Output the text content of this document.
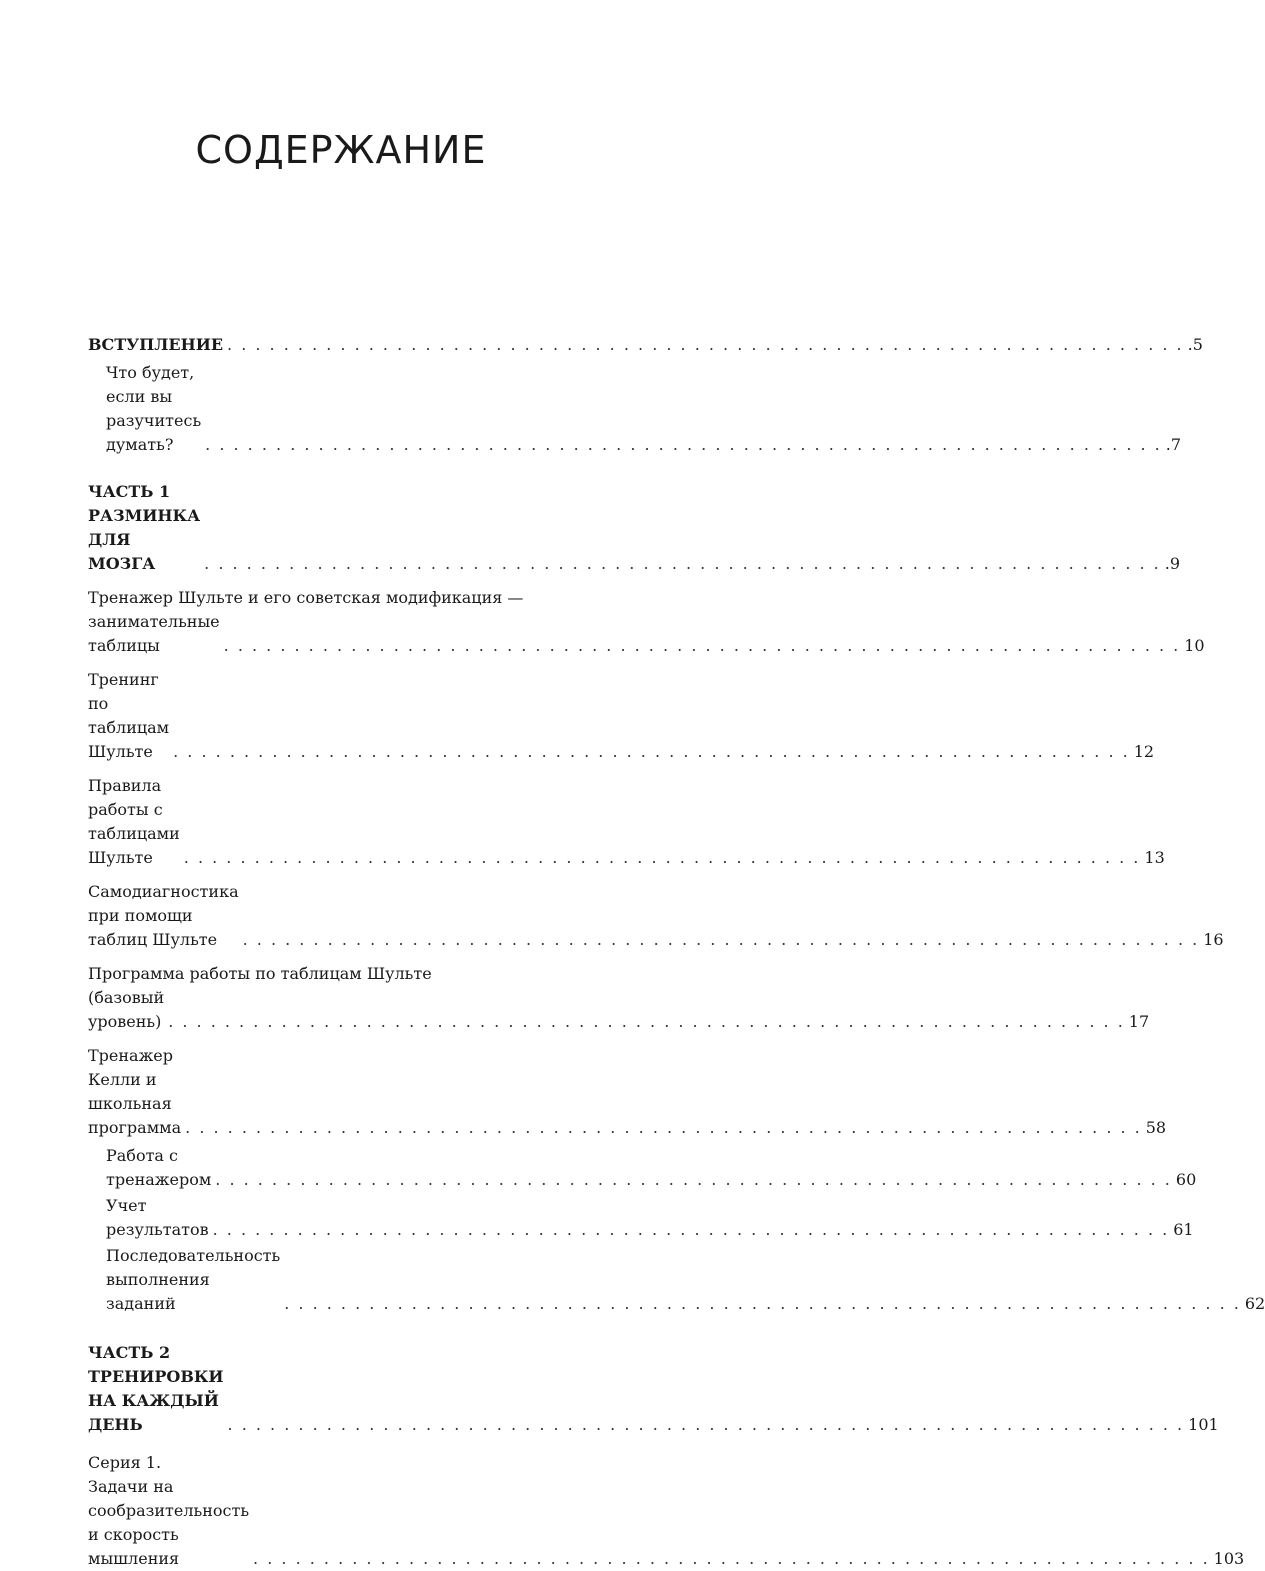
СОДЕРЖАНИЕ
ВСТУПЛЕНИЕ . . . . . . . . . . . . . . . . . . . . . . . . . . . . . . . . . . . . . . . . . . . . . . . . . . . . . . . . . . . . . . . . . . . . .5
Что будет, если вы разучитесь думать?	. . . . . . . . . . . . . . . . . . . . . . . . . . . . . . . . . . . . . . . . . . . . . . . . . . . . . . . . . . . . . . . . . . . . .7
ЧАСТЬ 1
РАЗМИНКА ДЛЯ МОЗГА	. . . . . . . . . . . . . . . . . . . . . . . . . . . . . . . . . . . . . . . . . . . . . . . . . . . . . . . . . . . . . . . . . . . . .9
Тренажер Шульте и его советская модификация —
занимательные таблицы	. . . . . . . . . . . . . . . . . . . . . . . . . . . . . . . . . . . . . . . . . . . . . . . . . . . . . . . . . . . . . . . . . . . . 10
Тренинг по таблицам Шульте	. . . . . . . . . . . . . . . . . . . . . . . . . . . . . . . . . . . . . . . . . . . . . . . . . . . . . . . . . . . . . . . . . . . . 12
Правила работы с таблицами Шульте	. . . . . . . . . . . . . . . . . . . . . . . . . . . . . . . . . . . . . . . . . . . . . . . . . . . . . . . . . . . . . . . . . . . . 13
Самодиагностика при помощи таблиц Шульте	. . . . . . . . . . . . . . . . . . . . . . . . . . . . . . . . . . . . . . . . . . . . . . . . . . . . . . . . . . . . . . . . . . . . 16
Программа работы по таблицам Шульте
(базовый уровень) . . . . . . . . . . . . . . . . . . . . . . . . . . . . . . . . . . . . . . . . . . . . . . . . . . . . . . . . . . . . . . . . . . . . 17
Тренажер Келли и школьная программа . . . . . . . . . . . . . . . . . . . . . . . . . . . . . . . . . . . . . . . . . . . . . . . . . . . . . . . . . . . . . . . . . . . . 58
Работа с тренажером . . . . . . . . . . . . . . . . . . . . . . . . . . . . . . . . . . . . . . . . . . . . . . . . . . . . . . . . . . . . . . . . . . . . 60
Учет результатов . . . . . . . . . . . . . . . . . . . . . . . . . . . . . . . . . . . . . . . . . . . . . . . . . . . . . . . . . . . . . . . . . . . . 61
Последовательность выполнения заданий	. . . . . . . . . . . . . . . . . . . . . . . . . . . . . . . . . . . . . . . . . . . . . . . . . . . . . . . . . . . . . . . . . . . . 62
ЧАСТЬ 2
ТРЕНИРОВКИ НА КАЖДЫЙ ДЕНЬ	. . . . . . . . . . . . . . . . . . . . . . . . . . . . . . . . . . . . . . . . . . . . . . . . . . . . . . . . . . . . . . . . . . . . 101
Серия 1.
Задачи на сообразительность и скорость мышления	. . . . . . . . . . . . . . . . . . . . . . . . . . . . . . . . . . . . . . . . . . . . . . . . . . . . . . . . . . . . . . . . . . . . 103
